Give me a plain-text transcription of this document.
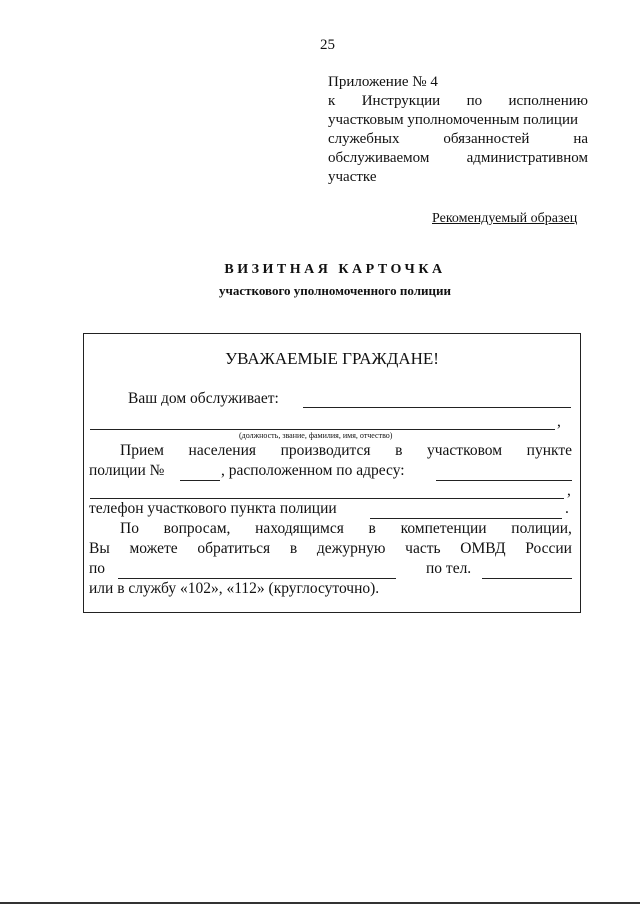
25
Приложение № 4
к Инструкции по исполнению
участковым уполномоченным полиции
служебных	обязанностей	на
обслуживаемом административном
участке
Рекомендуемый образец
ВИЗИТНАЯ КАРТОЧКА
участкового уполномоченного полиции
УВАЖАЕМЫЕ ГРАЖДАНЕ!
Ваш дом обслуживает:
,
(должность, звание, фамилия, имя, отчество)
Прием населения производится в участковом пункте
полиции №	, расположенном по адресу:
,
телефон участкового пункта полиции	.
По вопросам, находящимся в компетенции полиции,
Вы можете обратиться в дежурную часть ОМВД России
по	по тел.
или в службу «102», «112» (круглосуточно).
